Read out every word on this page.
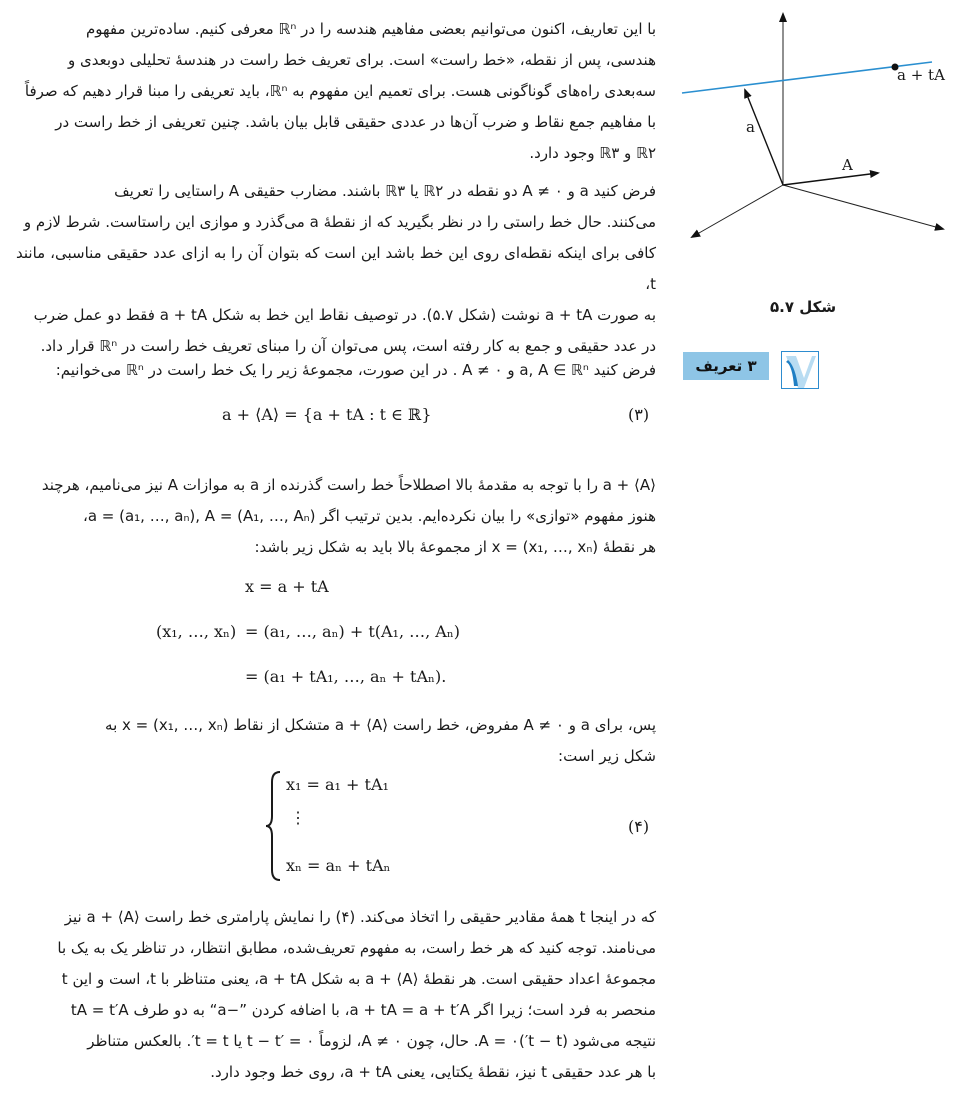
با این تعاریف، اکنون می‌توانیم بعضی مفاهیم هندسه را در ℝⁿ معرفی کنیم. ساده‌ترین مفهوم

هندسی، پس از نقطه، «خط راست» است. برای تعریف خط راست در هندسهٔ تحلیلی دوبعدی و

سه‌بعدی راه‌های گوناگونی هست. برای تعمیم این مفهوم به ℝⁿ، باید تعریفی را مبنا قرار دهیم که صرفاً

با مفاهیم جمع نقاط و ضرب آن‌ها در عددی حقیقی قابل بیان باشد. چنین تعریفی از خط راست در

ℝ۲ و ℝ۳ وجود دارد.

فرض کنید a و A ≠ ۰ دو نقطه در ℝ۲ یا ℝ۳ باشند. مضارب حقیقی A راستایی را تعریف

می‌کنند. حال خط راستی را در نظر بگیرید که از نقطهٔ a می‌گذرد و موازی این راستاست. شرط لازم و

کافی برای اینکه نقطه‌ای روی این خط باشد این است که بتوان آن را به ازای عدد حقیقی مناسبی، مانند t،

به صورت a + tA نوشت (شکل ۵.۷). در توصیف نقاط این خط به شکل a + tA فقط دو عمل ضرب

در عدد حقیقی و جمع به کار رفته است، پس می‌توان آن را مبنای تعریف خط راست در ℝⁿ قرار داد.

فرض کنید a, A ∈ ℝⁿ و A ≠ ۰ . در این صورت، مجموعهٔ زیر را یک خط راست در ℝⁿ می‌خوانیم:

a + ⟨A⟩ = {a + tA : t ∈ ℝ}	(۳)

⟨A⟩ + a را با توجه به مقدمهٔ بالا اصطلاحاً خط راست گذرنده از a به موازات A نیز می‌نامیم، هرچند

هنوز مفهوم «توازی» را بیان نکرده‌ایم. بدین ترتیب اگر a = (a₁, …, aₙ), A = (A₁, …, Aₙ)،

هر نقطهٔ x = (x₁, …, xₙ) از مجموعهٔ بالا باید به شکل زیر باشد:

x = a + tA
(x₁, …, xₙ) = (a₁, …, aₙ) + t(A₁, …, Aₙ)
= (a₁ + tA₁, …, aₙ + tAₙ).

پس، برای a و A ≠ ۰ مفروض، خط راست ⟨A⟩ + a متشکل از نقاط x = (x₁, …, xₙ) به

شکل زیر است:

x₁ = a₁ + tA₁
⋮
xₙ = aₙ + tAₙ
(۴)

که در اینجا t همهٔ مقادیر حقیقی را اتخاذ می‌کند. (۴) را نمایش پارامتری خط راست ⟨A⟩ + a نیز

می‌نامند. توجه کنید که هر خط راست، به مفهوم تعریف‌شده، مطابق انتظار، در تناظر یک به یک با

مجموعهٔ اعداد حقیقی است. هر نقطهٔ ⟨A⟩ + a به شکل a + tA، یعنی متناظر با t، است و این t

منحصر به فرد است؛ زیرا اگر a + tA = a + t′A، با اضافه کردن ”−a“ به دو طرف tA = t′A

نتیجه می‌شود (t − t′)A = ۰. حال، چون A ≠ ۰، لزوماً t − t′ = ۰ یا t = t′. بالعکس متناظر

با هر عدد حقیقی t نیز، نقطهٔ یکتایی، یعنی a + tA، روی خط وجود دارد.

a + tA
a
A
شکل ۵.۷
۳ تعریف
